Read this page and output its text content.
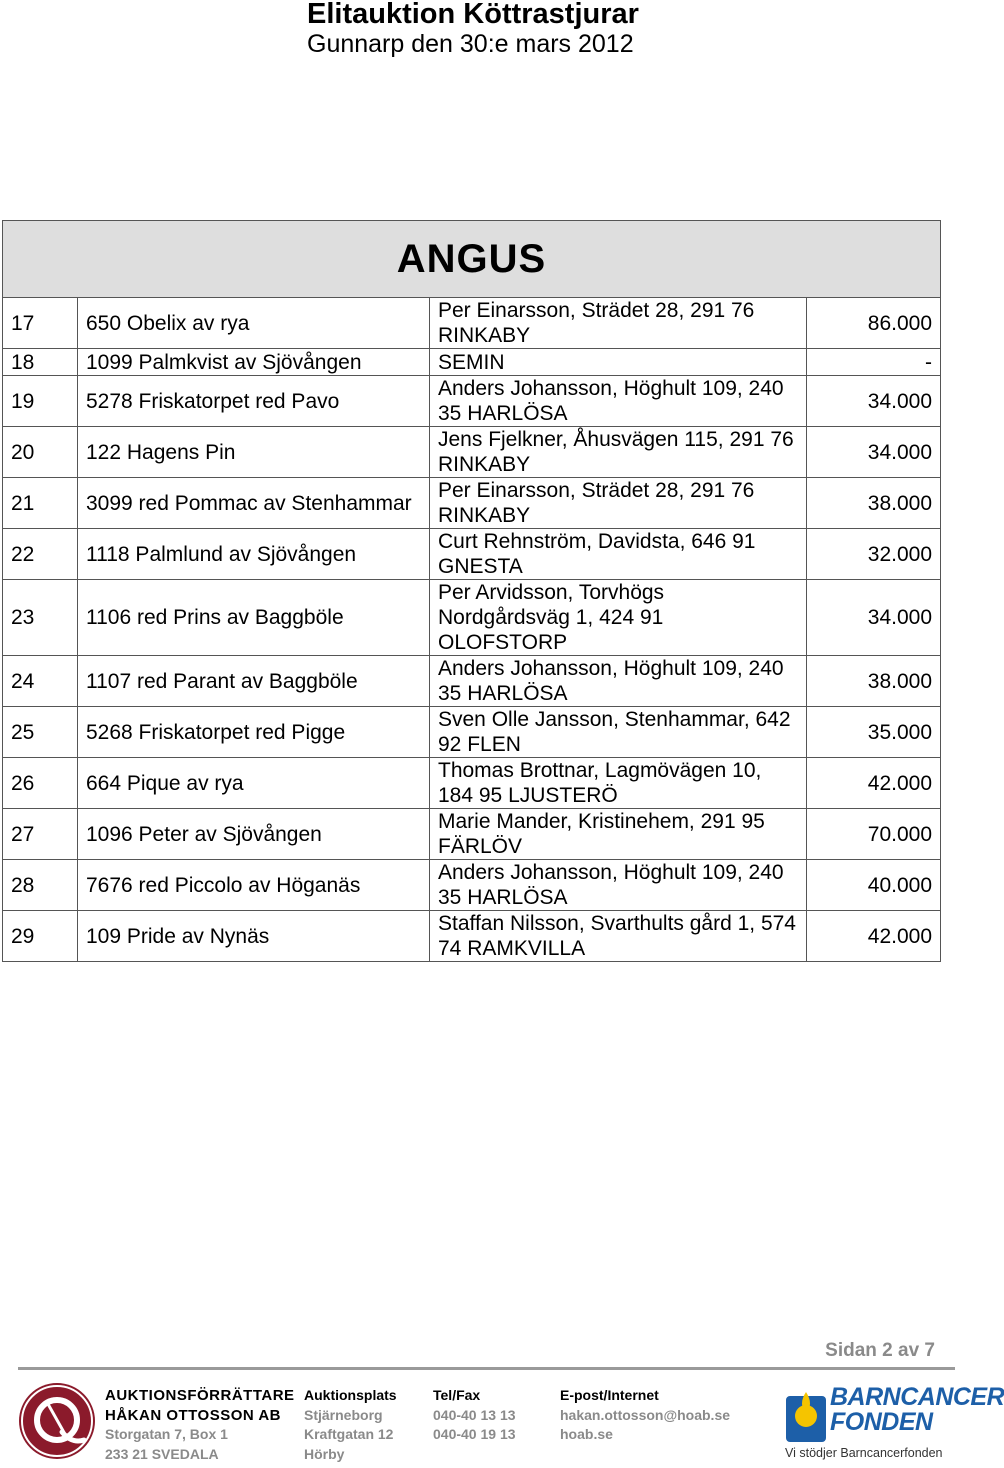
Elitauktion Köttrastjurar
Gunnarp den 30:e mars 2012
ANGUS			
17	650 Obelix av rya	Per Einarsson, Strädet 28, 291 76 RINKABY	86.000
18	1099 Palmkvist av Sjövången	SEMIN	-
19	5278 Friskatorpet red Pavo	Anders Johansson, Höghult 109, 240 35 HARLÖSA	34.000
20	122 Hagens Pin	Jens Fjelkner, Åhusvägen 115, 291 76 RINKABY	34.000
21	3099 red Pommac av Stenhammar	Per Einarsson, Strädet 28, 291 76 RINKABY	38.000
22	1118 Palmlund av Sjövången	Curt Rehnström, Davidsta, 646 91 GNESTA	32.000
23	1106 red Prins av Baggböle	Per Arvidsson, Torvhögs Nordgårdsväg 1, 424 91 OLOFSTORP	34.000
24	1107 red Parant av Baggböle	Anders Johansson, Höghult 109, 240 35 HARLÖSA	38.000
25	5268 Friskatorpet red Pigge	Sven Olle Jansson, Stenhammar, 642 92 FLEN	35.000
26	664 Pique av rya	Thomas Brottnar, Lagmövägen 10, 184 95 LJUSTERÖ	42.000
27	1096 Peter av Sjövången	Marie Mander, Kristinehem, 291 95 FÄRLÖV	70.000
28	7676 red Piccolo av Höganäs	Anders Johansson, Höghult 109, 240 35 HARLÖSA	40.000
29	109 Pride av Nynäs	Staffan Nilsson, Svarthults gård 1, 574 74 RAMKVILLA	42.000
Sidan 2 av 7
AUKTIONSFÖRRÄTTARE
HÅKAN OTTOSSON AB
Storgatan 7, Box 1
233 21 SVEDALA
Auktionsplats
Stjärneborg
Kraftgatan 12
Hörby
Tel/Fax
040-40 13 13
040-40 19 13
E-post/Internet
hakan.ottosson@hoab.se
hoab.se
BARNCANCER
FONDEN
Vi stödjer Barncancerfonden
